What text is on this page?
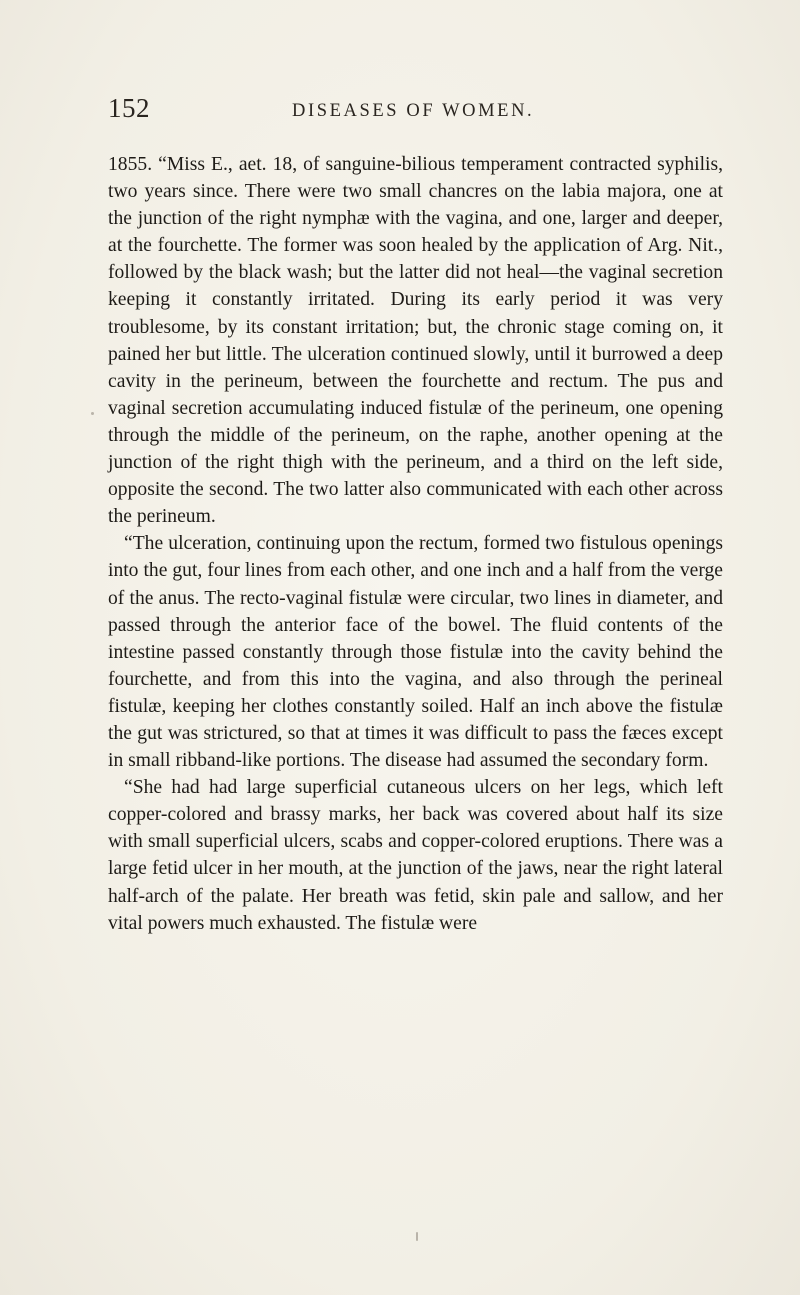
152	DISEASES OF WOMEN.

1855. “Miss E., aet. 18, of sanguine-bilious temperament contracted syphilis, two years since. There were two small chancres on the labia majora, one at the junction of the right nymphæ with the vagina, and one, larger and deeper, at the fourchette. The former was soon healed by the application of Arg. Nit., followed by the black wash; but the latter did not heal—the vaginal secretion keeping it constantly irritated. During its early period it was very troublesome, by its constant irritation; but, the chronic stage coming on, it pained her but little. The ulceration continued slowly, until it burrowed a deep cavity in the perineum, between the fourchette and rectum. The pus and vaginal secretion accumulating induced fistulæ of the perineum, one opening through the middle of the perineum, on the raphe, another opening at the junction of the right thigh with the perineum, and a third on the left side, opposite the second. The two latter also communicated with each other across the perineum.

“The ulceration, continuing upon the rectum, formed two fistulous openings into the gut, four lines from each other, and one inch and a half from the verge of the anus. The recto-vaginal fistulæ were circular, two lines in diameter, and passed through the anterior face of the bowel. The fluid contents of the intestine passed constantly through those fistulæ into the cavity behind the fourchette, and from this into the vagina, and also through the perineal fistulæ, keeping her clothes constantly soiled. Half an inch above the fistulæ the gut was strictured, so that at times it was difficult to pass the fæces except in small ribband-like portions. The disease had assumed the secondary form.

“She had had large superficial cutaneous ulcers on her legs, which left copper-colored and brassy marks, her back was covered about half its size with small superficial ulcers, scabs and copper-colored eruptions. There was a large fetid ulcer in her mouth, at the junction of the jaws, near the right lateral half-arch of the palate. Her breath was fetid, skin pale and sallow, and her vital powers much exhausted. The fistulæ were
